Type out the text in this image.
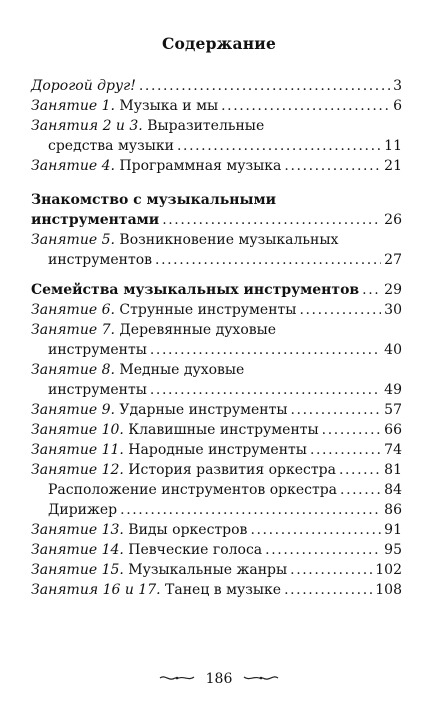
Содержание
Дорогой друг! .....	3
Занятие 1. Музыка и мы .....	6
Занятия 2 и 3. Выразительные
средства музыки .....	11
Занятие 4. Программная музыка .....	21
Знакомство с музыкальными
инструментами .....	26
Занятие 5. Возникновение музыкальных
инструментов .....	27
Семейства музыкальных инструментов ..... 29
Занятие 6. Струнные инструменты .....	30
Занятие 7. Деревянные духовые
инструменты .....	40
Занятие 8. Медные духовые
инструменты .....	49
Занятие 9. Ударные инструменты .....	57
Занятие 10. Клавишные инструменты .....	66
Занятие 11. Народные инструменты .....	74
Занятие 12. История развития оркестра .....	81
Расположение инструментов оркестра .....	84
Дирижер .....	86
Занятие 13. Виды оркестров .....	91
Занятие 14. Певческие голоса .....	95
Занятие 15. Музыкальные жанры .....	102
Занятия 16 и 17. Танец в музыке .....	108
186
